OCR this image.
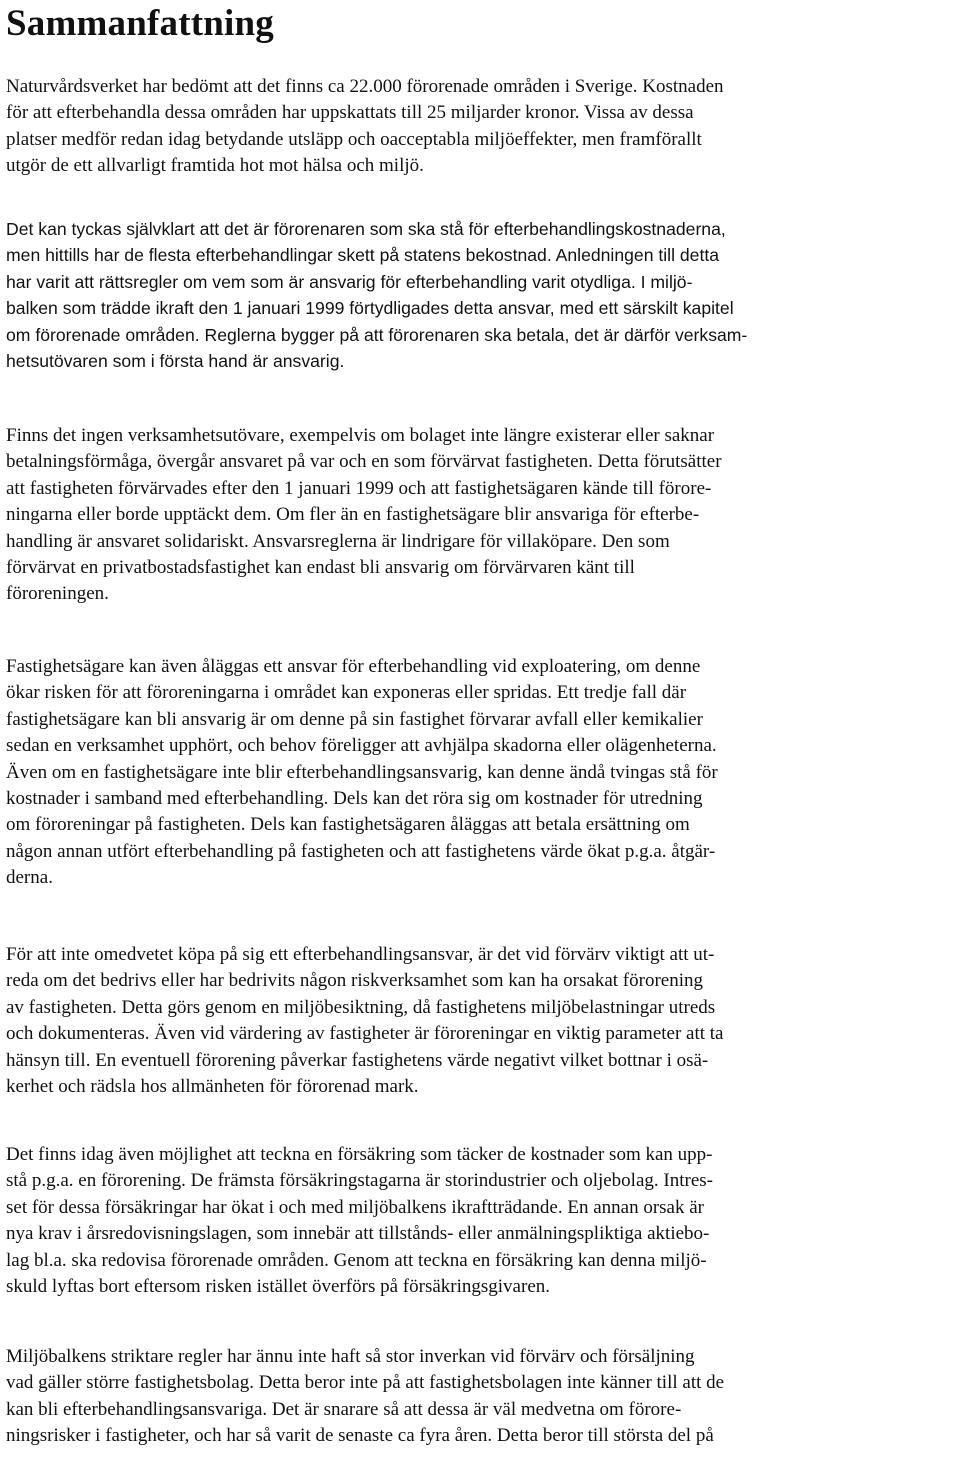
Sammanfattning
Naturvårdsverket har bedömt att det finns ca 22.000 förorenade områden i Sverige. Kostnaden
för att efterbehandla dessa områden har uppskattats till 25 miljarder kronor. Vissa av dessa
platser medför redan idag betydande utsläpp och oacceptabla miljöeffekter, men framförallt
utgör de ett allvarligt framtida hot mot hälsa och miljö.
Det kan tyckas självklart att det är förorenaren som ska stå för efterbehandlingskostnaderna,
men hittills har de flesta efterbehandlingar skett på statens bekostnad. Anledningen till detta
har varit att rättsregler om vem som är ansvarig för efterbehandling varit otydliga. I miljö-
balken som trädde ikraft den 1 januari 1999 förtydligades detta ansvar, med ett särskilt kapitel
om förorenade områden. Reglerna bygger på att förorenaren ska betala, det är därför verksam-
hetsutövaren som i första hand är ansvarig.
Finns det ingen verksamhetsutövare, exempelvis om bolaget inte längre existerar eller saknar
betalningsförmåga, övergår ansvaret på var och en som förvärvat fastigheten. Detta förutsätter
att fastigheten förvärvades efter den 1 januari 1999 och att fastighetsägaren kände till förore-
ningarna eller borde upptäckt dem. Om fler än en fastighetsägare blir ansvariga för efterbe-
handling är ansvaret solidariskt. Ansvarsreglerna är lindrigare för villaköpare. Den som
förvärvat en privatbostadsfastighet kan endast bli ansvarig om förvärvaren känt till
föroreningen.
Fastighetsägare kan även åläggas ett ansvar för efterbehandling vid exploatering, om denne
ökar risken för att föroreningarna i området kan exponeras eller spridas. Ett tredje fall där
fastighetsägare kan bli ansvarig är om denne på sin fastighet förvarar avfall eller kemikalier
sedan en verksamhet upphört, och behov föreligger att avhjälpa skadorna eller olägenheterna.
Även om en fastighetsägare inte blir efterbehandlingsansvarig, kan denne ändå tvingas stå för
kostnader i samband med efterbehandling. Dels kan det röra sig om kostnader för utredning
om föroreningar på fastigheten. Dels kan fastighetsägaren åläggas att betala ersättning om
någon annan utfört efterbehandling på fastigheten och att fastighetens värde ökat p.g.a. åtgär-
derna.
För att inte omedvetet köpa på sig ett efterbehandlingsansvar, är det vid förvärv viktigt att ut-
reda om det bedrivs eller har bedrivits någon riskverksamhet som kan ha orsakat förorening
av fastigheten. Detta görs genom en miljöbesiktning, då fastighetens miljöbelastningar utreds
och dokumenteras. Även vid värdering av fastigheter är föroreningar en viktig parameter att ta
hänsyn till. En eventuell förorening påverkar fastighetens värde negativt vilket bottnar i osä-
kerhet och rädsla hos allmänheten för förorenad mark.
Det finns idag även möjlighet att teckna en försäkring som täcker de kostnader som kan upp-
stå p.g.a. en förorening. De främsta försäkringstagarna är storindustrier och oljebolag. Intres-
set för dessa försäkringar har ökat i och med miljöbalkens ikraftträdande. En annan orsak är
nya krav i årsredovisningslagen, som innebär att tillstånds- eller anmälningspliktiga aktiebo-
lag bl.a. ska redovisa förorenade områden. Genom att teckna en försäkring kan denna miljö-
skuld lyftas bort eftersom risken istället överförs på försäkringsgivaren.
Miljöbalkens striktare regler har ännu inte haft så stor inverkan vid förvärv och försäljning
vad gäller större fastighetsbolag. Detta beror inte på att fastighetsbolagen inte känner till att de
kan bli efterbehandlingsansvariga. Det är snarare så att dessa är väl medvetna om förore-
ningsrisker i fastigheter, och har så varit de senaste ca fyra åren. Detta beror till största del på
